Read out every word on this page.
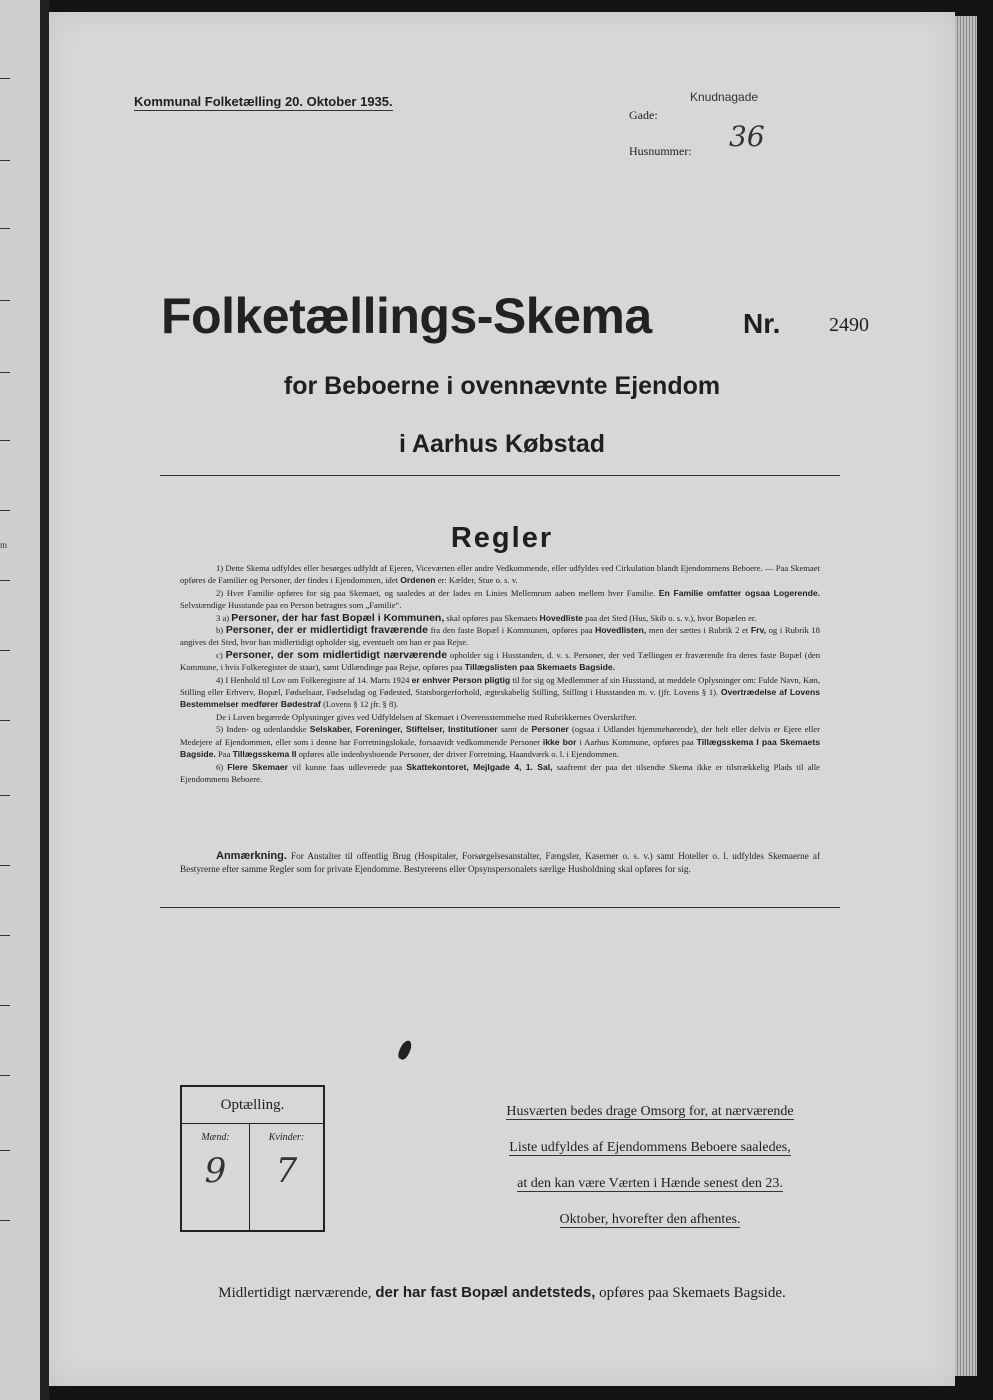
m
Kommunal Folketælling 20. Oktober 1935.
Gade:
Knudnagade
Husnummer: 36
Folketællings-Skema	Nr. 2490
for Beboerne i ovennævnte Ejendom
i Aarhus Købstad
Regler

1) Dette Skema udfyldes eller besørges udfyldt af Ejeren, Viceværten eller andre Vedkommende, eller udfyldes ved Cirkulation blandt Ejendommens Beboere. — Paa Skemaet opføres de Familier og Personer, der findes i Ejendommen, idet Ordenen er: Kælder, Stue o. s. v.

2) Hver Familie opføres for sig paa Skemaet, og saaledes at der lades en Linies Mellemrum aaben mellem hver Familie. En Familie omfatter ogsaa Logerende. Selvstændige Husstande paa en Person betragtes som „Familie“.

3 a) Personer, der har fast Bopæl i Kommunen, skal opføres paa Skemaets Hovedliste paa det Sted (Hus, Skib o. s. v.), hvor Bopælen er.

b) Personer, der er midlertidigt fraværende fra den faste Bopæl i Kommunen, opføres paa Hovedlisten, men der sættes i Rubrik 2 et Frv, og i Rubrik 18 angives det Sted, hvor han midlertidigt opholder sig, eventuelt om han er paa Rejse.

c) Personer, der som midlertidigt nærværende opholder sig i Husstanden, d. v. s. Personer, der ved Tællingen er fraværende fra deres faste Bopæl (den Kommune, i hvis Folkeregister de staar), samt Udlændinge paa Rejse, opføres paa Tillægslisten paa Skemaets Bagside.

4) I Henhold til Lov om Folkeregistre af 14. Marts 1924 er enhver Person pligtig til for sig og Medlemmer af sin Husstand, at meddele Oplysninger om: Fulde Navn, Køn, Stilling eller Erhverv, Bopæl, Fødselsaar, Fødselsdag og Fødested, Statsborgerforhold, ægteskabelig Stilling, Stilling i Husstanden m. v. (jfr. Lovens § 1). Overtrædelse af Lovens Bestemmelser medfører Bødestraf (Lovens § 12 jfr. § 8).

De i Loven begærede Oplysninger gives ved Udfyldelsen af Skemaet i Overensstemmelse med Rubrikkernes Overskrifter.

5) Inden- og udenlandske Selskaber, Foreninger, Stiftelser, Institutioner samt de Personer (ogsaa i Udlandet hjemmehørende), der helt eller delvis er Ejere eller Medejere af Ejendommen, eller som i denne har Forretningslokale, forsaavidt vedkommende Personer ikke bor i Aarhus Kommune, opføres paa Tillægsskema I paa Skemaets Bagside. Paa Tillægsskema II opføres alle indenbysboende Personer, der driver Forretning, Haandværk o. l. i Ejendommen.

6) Flere Skemaer vil kunne faas udleverede paa Skattekontoret, Mejlgade 4, 1. Sal, saafremt der paa det tilsendte Skema ikke er tilstrækkelig Plads til alle Ejendommens Beboere.

Anmærkning. For Anstalter til offentlig Brug (Hospitaler, Forsørgelsesanstalter, Fængsler, Kaserner o. s. v.) samt Hoteller o. l. udfyldes Skemaerne af Bestyrerne efter samme Regler som for private Ejendomme. Bestyrerens eller Opsynspersonalets særlige Husholdning skal opføres for sig.

Optælling.
Mænd:
9
Kvinder:
7
Husværten bedes drage Omsorg for, at nærværende
Liste udfyldes af Ejendommens Beboere saaledes,
at den kan være Værten i Hænde senest den 23.
Oktober, hvorefter den afhentes.
Midlertidigt nærværende, der har fast Bopæl andetsteds, opføres paa Skemaets Bagside.
